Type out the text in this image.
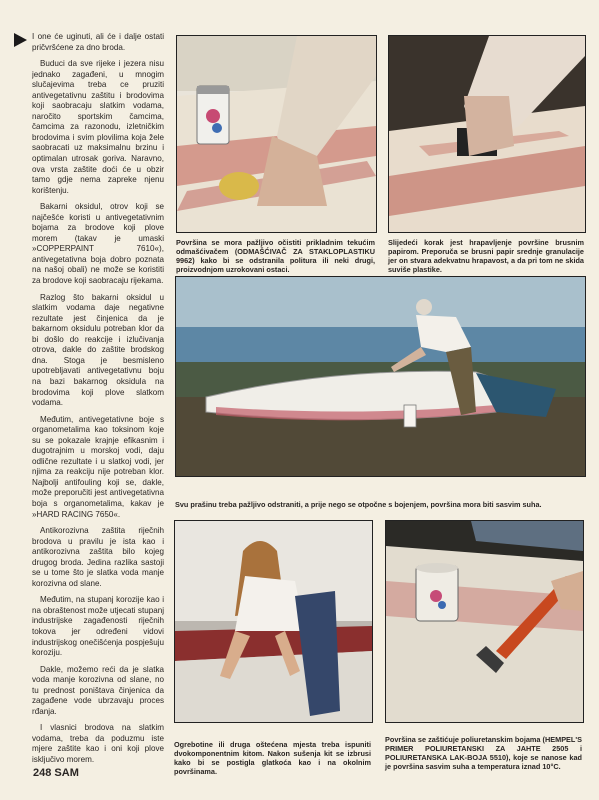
I one će uginuti, ali će i dalje ostati pričvršćene za dno broda.

Buduci da sve rijeke i jezera nisu jednako zagađeni, u mnogim slučajevima treba ce pruziti antivegetativnu zaštitu i brodovima koji saobracaju slatkim vodama, naročito sportskim čamcima, čamcima za razonodu, izletničkim brodovima i svim plovilima koja žele saobracati uz maksimalnu brzinu i optimalan utrosak goriva. Naravno, ova vrsta zaštite doći će u obzir tamo gdje nema zapreke njenu korištenju.

Bakarni oksidul, otrov koji se najčešće koristi u antivegetativnim bojama za brodove koji plove morem (takav je umaski »COPPERPAINT 7610«), antivegetativna boja dobro poznata na našoj obali) ne može se koristiti za brodove koji saobracaju rijekama.

Razlog što bakarni oksidul u slatkim vodama daje negativne rezultate jest činjenica da je bakarnom oksidulu potreban klor da bi došlo do reakcije i izlučivanja otrova, dakle do zaštite brodskog dna. Stoga je besmisleno upotrebljavati antivegetativnu boju na bazi bakarnog oksidula na brodovima koji plove slatkom vodama.

Međutim, antivegetativne boje s organometalima kao toksinom koje su se pokazale krajnje efikasnim i dugotrajnim u morskoj vodi, daju odlične rezultate i u slatkoj vodi, jer njima za reakciju nije potreban klor. Najbolji antifouling koji se, dakle, može preporučiti jest antivegetativna boja s organometalima, kakav je »HARD RACING 7650«.

Antikorozivna zaštita riječnih brodova u pravilu je ista kao i antikorozivna zaštita bilo kojeg drugog broda. Jedina razlika sastoji se u tome što je slatka voda manje korozivna od slane.

Međutim, na stupanj korozije kao i na obraštenost može utjecati stupanj industrijske zagađenosti riječnih tokova jer određeni vidovi industrijskog onečišćenja pospješuju koroziju.

Dakle, možemo reći da je slatka voda manje korozivna od slane, no tu prednost poništava činjenica da zagađene vode ubrzavaju proces rđanja.

I vlasnici brodova na slatkim vodama, treba da poduzmu iste mjere zaštite kao i oni koji plove isključivo morem.

248 SAM
Površina se mora pažljivo očistiti prikladnim tekućim odmašćivačem (ODMAŠĆIVAČ ZA STAKLOPLASTIKU 9962) kako bi se odstranila politura ili neki drugi, proizvodnjom uzrokovani ostaci.
Slijedeći korak jest hrapavljenje površine brusnim papirom. Preporuča se brusni papir srednje granulacije jer on stvara adekvatnu hrapavost, a da pri tom ne skida suviše plastike.
Svu prašinu treba pažljivo odstraniti, a prije nego se otpočne s bojenjem, površina mora biti sasvim suha.
Ogrebotine ili druga oštećena mjesta treba ispuniti dvokomponentnim kitom. Nakon sušenja kit se izbrusi kako bi se postigla glatkoća kao i na okolnim površinama.
Površina se zaštićuje poliuretanskim bojama (HEMPEL'S PRIMER POLIURETANSKI ZA JAHTE 2505 i POLIURETANSKA LAK-BOJA 5510), koje se nanose kad je površina sasvim suha a temperatura iznad 10°C.
